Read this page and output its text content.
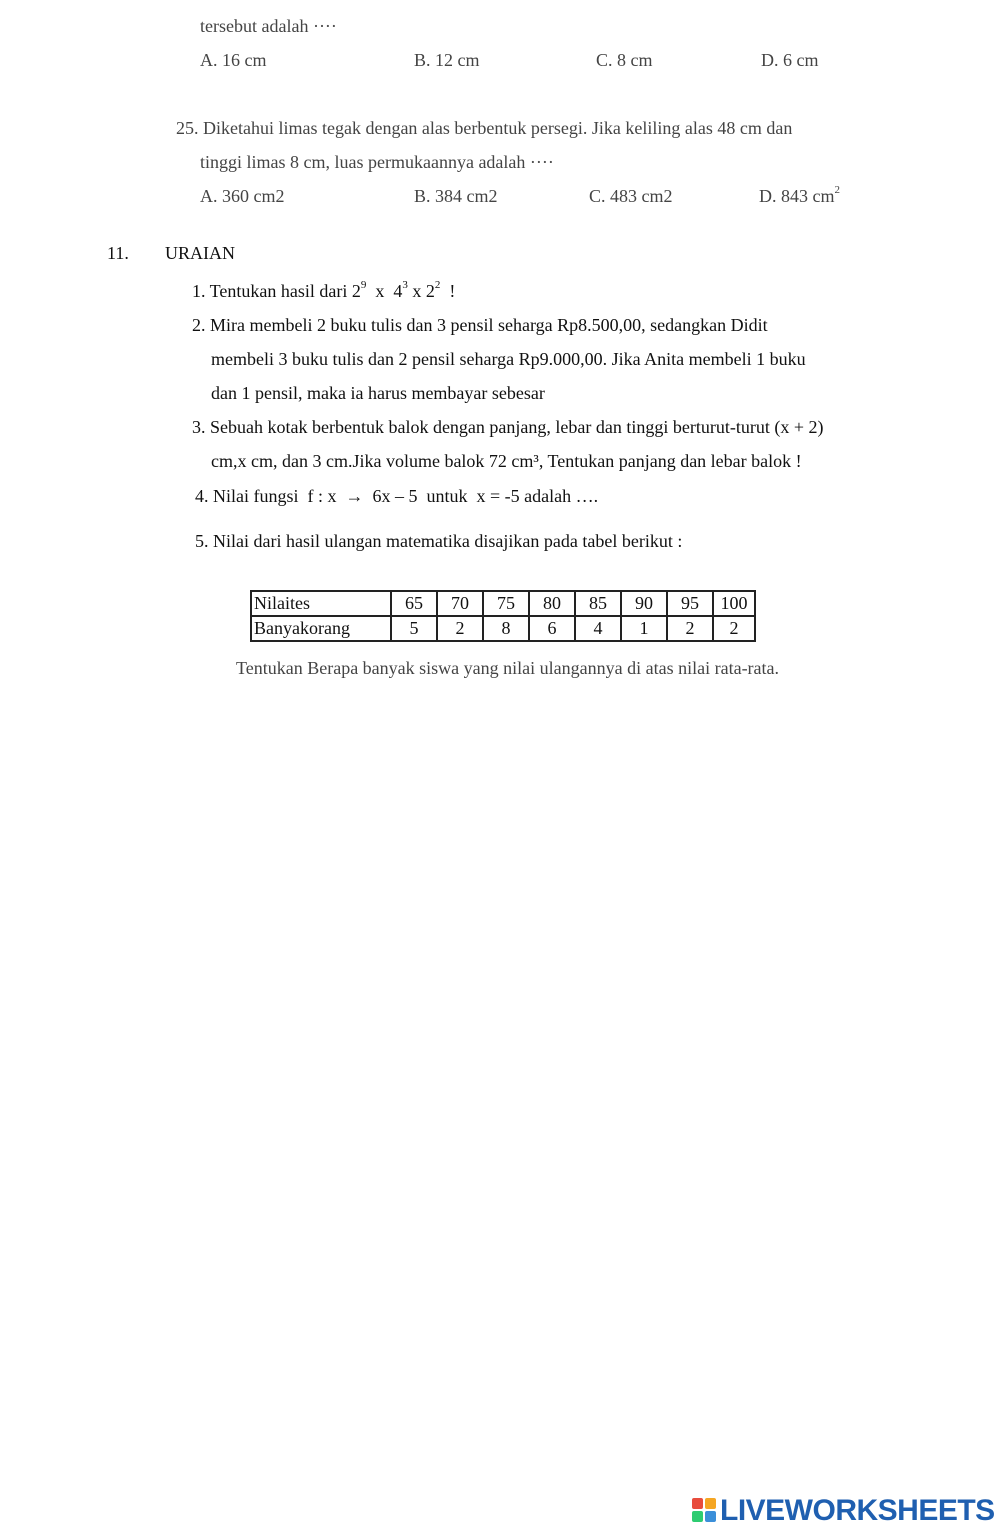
tersebut adalah ····
A. 16 cm	B. 12 cm	C. 8 cm	D. 6 cm
25. Diketahui limas tegak dengan alas berbentuk persegi. Jika keliling alas 48 cm dan
tinggi limas 8 cm, luas permukaannya adalah ····
A. 360 cm2	B. 384 cm2	C. 483 cm2	D. 843 $cm^2$
11. URAIAN
1. Tentukan hasil dari $2^9$  x  $4^3$ x $2^2$  !
2. Mira membeli 2 buku tulis dan 3 pensil seharga Rp8.500,00, sedangkan Didit
membeli 3 buku tulis dan 2 pensil seharga Rp9.000,00. Jika Anita membeli 1 buku
dan 1 pensil, maka ia harus membayar sebesar
3. Sebuah kotak berbentuk balok dengan panjang, lebar dan tinggi berturut-turut (x + 2)
cm,x cm, dan 3 cm.Jika volume balok 72 cm³, Tentukan panjang dan lebar balok !
4. Nilai fungsi  f : x  →  6x – 5  untuk  x = -5 adalah ….
5. Nilai dari hasil ulangan matematika disajikan pada tabel berikut :
Nilaites	65	70	75	80	85	90	95	100
Banyakorang	5	2	8	6	4	1	2	2
Tentukan Berapa banyak siswa yang nilai ulangannya di atas nilai rata-rata.
LIVEWORKSHEETS
